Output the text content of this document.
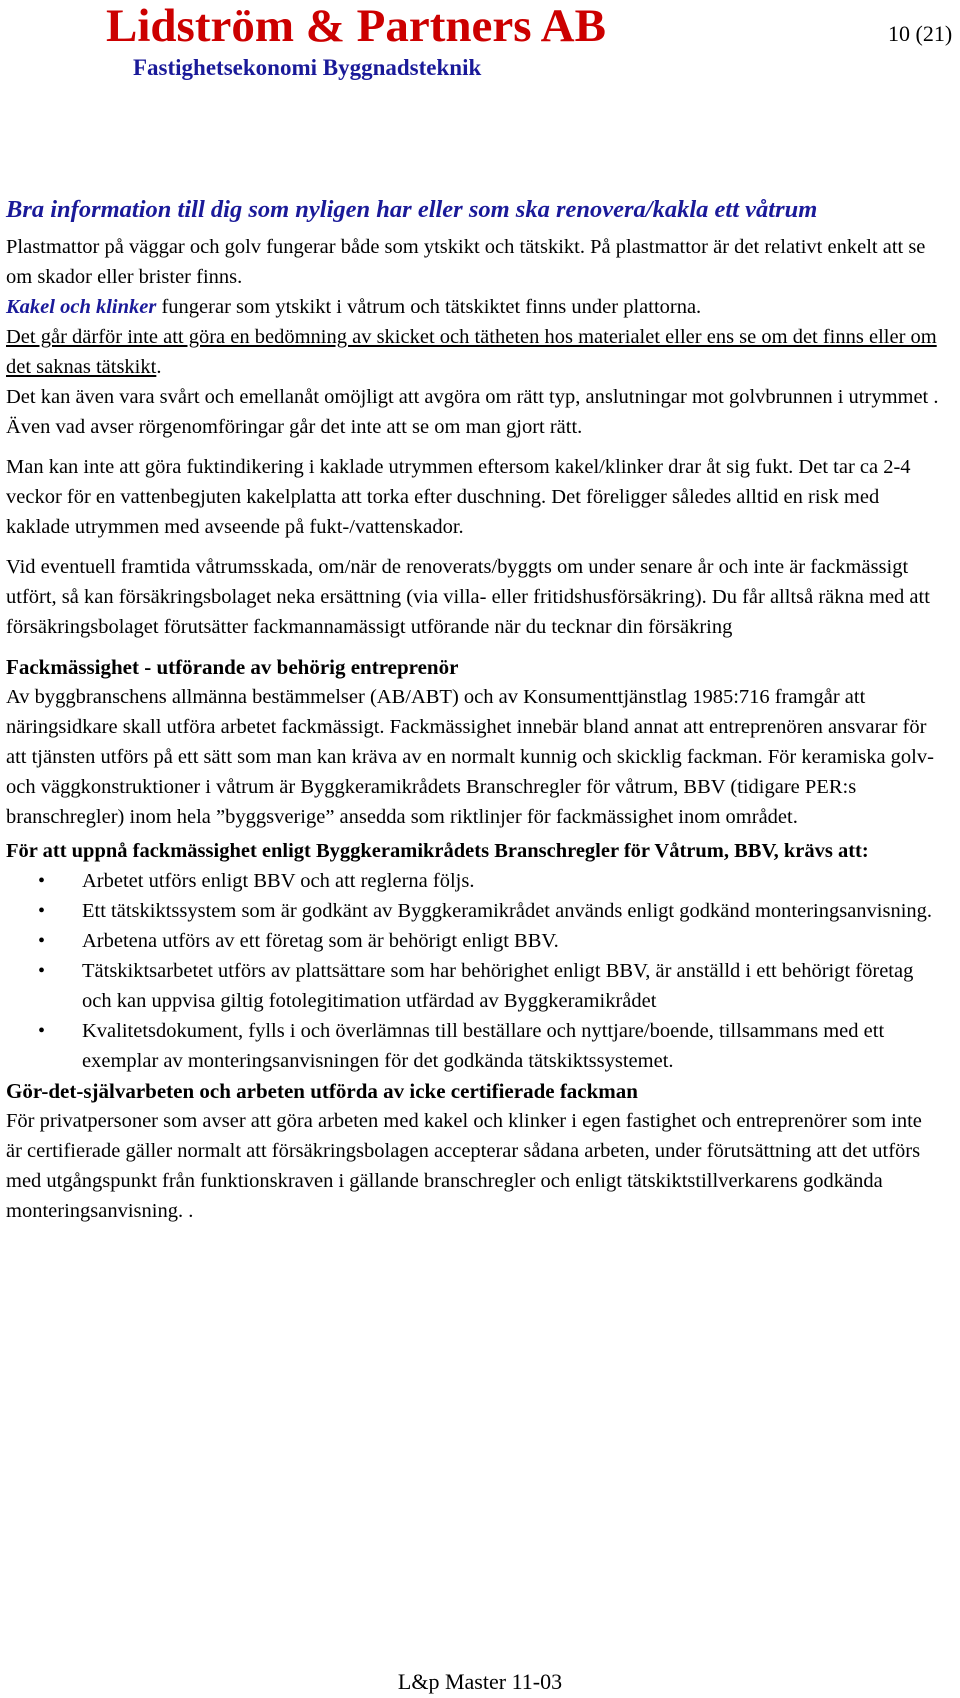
Lidström & Partners AB
Fastighetsekonomi Byggnadsteknik
10 (21)
Bra information till dig som nyligen har eller som ska renovera/kakla ett våtrum

Plastmattor på väggar och golv fungerar både som ytskikt och tätskikt. På plastmattor är det relativt enkelt att se om skador eller brister finns.

Kakel och klinker fungerar som ytskikt i våtrum och tätskiktet finns under plattorna.

Det går därför inte att göra en bedömning av skicket och tätheten hos materialet eller ens se om det finns eller om det saknas tätskikt.

Det kan även vara svårt och emellanåt omöjligt att avgöra om rätt typ, anslutningar mot golvbrunnen i utrymmet . Även vad avser rörgenomföringar går det inte att se om man gjort rätt.

Man kan inte att göra fuktindikering i kaklade utrymmen eftersom kakel/klinker drar åt sig fukt. Det tar ca 2-4 veckor för en vattenbegjuten kakelplatta att torka efter duschning. Det föreligger således alltid en risk med kaklade utrymmen med avseende på fukt-/vattenskador.

Vid eventuell framtida våtrumsskada, om/när de renoverats/byggts om under senare år och inte är fackmässigt utfört, så kan försäkringsbolaget neka ersättning (via villa- eller fritidshusförsäkring). Du får alltså räkna med att försäkringsbolaget förutsätter fackmannamässigt utförande när du tecknar din försäkring

Fackmässighet - utförande av behörig entreprenör

Av byggbranschens allmänna bestämmelser (AB/ABT) och av Konsumenttjänstlag 1985:716 framgår att näringsidkare skall utföra arbetet fackmässigt. Fackmässighet innebär bland annat att entreprenören ansvarar för att tjänsten utförs på ett sätt som man kan kräva av en normalt kunnig och skicklig fackman. För keramiska golv- och väggkonstruktioner i våtrum är Byggkeramikrådets Branschregler för våtrum, BBV (tidigare PER:s branschregler) inom hela ”byggsverige” ansedda som riktlinjer för fackmässighet inom området.

För att uppnå fackmässighet enligt Byggkeramikrådets Branschregler för Våtrum, BBV, krävs att:

• Arbetet utförs enligt BBV och att reglerna följs.
• Ett tätskiktssystem som är godkänt av Byggkeramikrådet används enligt godkänd monteringsanvisning.
• Arbetena utförs av ett företag som är behörigt enligt BBV.
• Tätskiktsarbetet utförs av plattsättare som har behörighet enligt BBV, är anställd i ett behörigt företag och kan uppvisa giltig fotolegitimation utfärdad av Byggkeramikrådet
• Kvalitetsdokument, fylls i och överlämnas till beställare och nyttjare/boende, tillsammans med ett exemplar av monteringsanvisningen för det godkända tätskiktssystemet.

Gör-det-självarbeten och arbeten utförda av icke certifierade fackman

För privatpersoner som avser att göra arbeten med kakel och klinker i egen fastighet och entreprenörer som inte är certifierade gäller normalt att försäkringsbolagen accepterar sådana arbeten, under förutsättning att det utförs med utgångspunkt från funktionskraven i gällande branschregler och enligt tätskiktstillverkarens godkända monteringsanvisning. .

L&p Master 11-03
